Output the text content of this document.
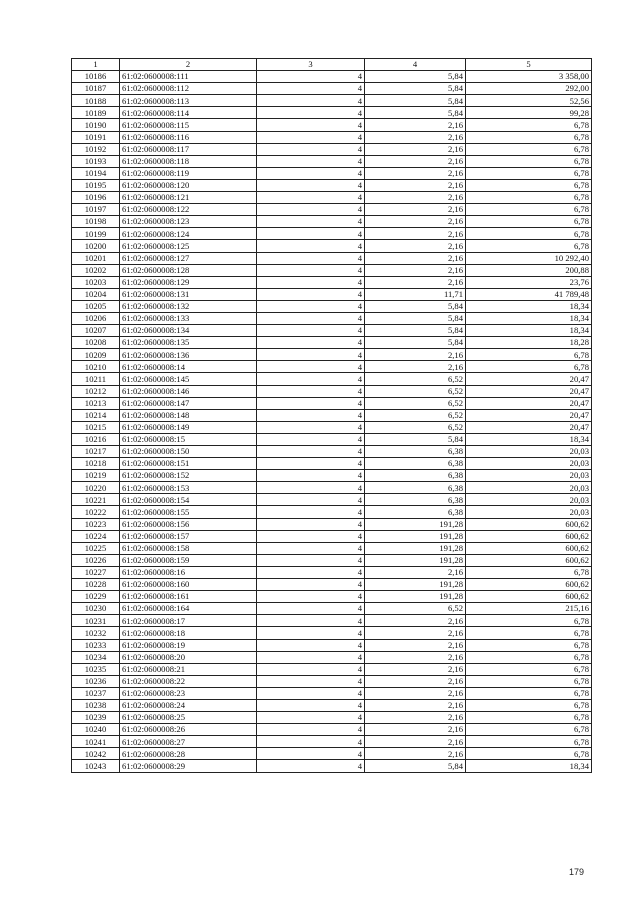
1	2	3	4	5
10186	61:02:0600008:111	4	5,84	3 358,00
10187	61:02:0600008:112	4	5,84	292,00
10188	61:02:0600008:113	4	5,84	52,56
10189	61:02:0600008:114	4	5,84	99,28
10190	61:02:0600008:115	4	2,16	6,78
10191	61:02:0600008:116	4	2,16	6,78
10192	61:02:0600008:117	4	2,16	6,78
10193	61:02:0600008:118	4	2,16	6,78
10194	61:02:0600008:119	4	2,16	6,78
10195	61:02:0600008:120	4	2,16	6,78
10196	61:02:0600008:121	4	2,16	6,78
10197	61:02:0600008:122	4	2,16	6,78
10198	61:02:0600008:123	4	2,16	6,78
10199	61:02:0600008:124	4	2,16	6,78
10200	61:02:0600008:125	4	2,16	6,78
10201	61:02:0600008:127	4	2,16	10 292,40
10202	61:02:0600008:128	4	2,16	200,88
10203	61:02:0600008:129	4	2,16	23,76
10204	61:02:0600008:131	4	11,71	41 789,48
10205	61:02:0600008:132	4	5,84	18,34
10206	61:02:0600008:133	4	5,84	18,34
10207	61:02:0600008:134	4	5,84	18,34
10208	61:02:0600008:135	4	5,84	18,28
10209	61:02:0600008:136	4	2,16	6,78
10210	61:02:0600008:14	4	2,16	6,78
10211	61:02:0600008:145	4	6,52	20,47
10212	61:02:0600008:146	4	6,52	20,47
10213	61:02:0600008:147	4	6,52	20,47
10214	61:02:0600008:148	4	6,52	20,47
10215	61:02:0600008:149	4	6,52	20,47
10216	61:02:0600008:15	4	5,84	18,34
10217	61:02:0600008:150	4	6,38	20,03
10218	61:02:0600008:151	4	6,38	20,03
10219	61:02:0600008:152	4	6,38	20,03
10220	61:02:0600008:153	4	6,38	20,03
10221	61:02:0600008:154	4	6,38	20,03
10222	61:02:0600008:155	4	6,38	20,03
10223	61:02:0600008:156	4	191,28	600,62
10224	61:02:0600008:157	4	191,28	600,62
10225	61:02:0600008:158	4	191,28	600,62
10226	61:02:0600008:159	4	191,28	600,62
10227	61:02:0600008:16	4	2,16	6,78
10228	61:02:0600008:160	4	191,28	600,62
10229	61:02:0600008:161	4	191,28	600,62
10230	61:02:0600008:164	4	6,52	215,16
10231	61:02:0600008:17	4	2,16	6,78
10232	61:02:0600008:18	4	2,16	6,78
10233	61:02:0600008:19	4	2,16	6,78
10234	61:02:0600008:20	4	2,16	6,78
10235	61:02:0600008:21	4	2,16	6,78
10236	61:02:0600008:22	4	2,16	6,78
10237	61:02:0600008:23	4	2,16	6,78
10238	61:02:0600008:24	4	2,16	6,78
10239	61:02:0600008:25	4	2,16	6,78
10240	61:02:0600008:26	4	2,16	6,78
10241	61:02:0600008:27	4	2,16	6,78
10242	61:02:0600008:28	4	2,16	6,78
10243	61:02:0600008:29	4	5,84	18,34
179
